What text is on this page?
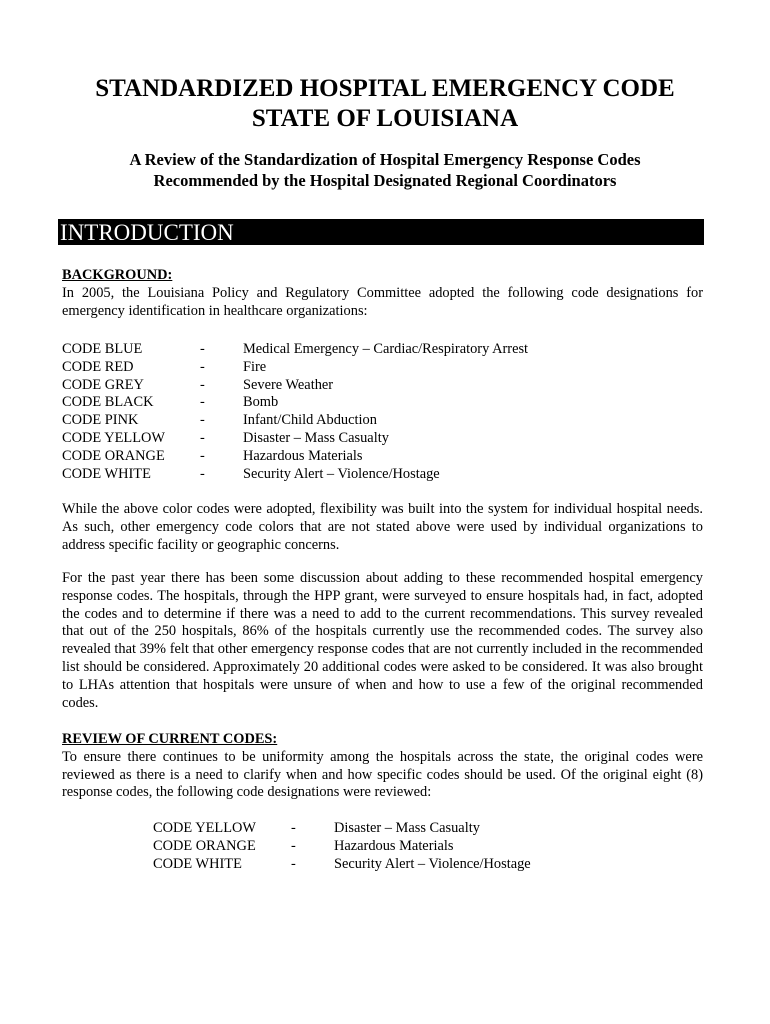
STANDARDIZED HOSPITAL EMERGENCY CODE
STATE OF LOUISIANA
A Review of the Standardization of Hospital Emergency Response Codes
Recommended by the Hospital Designated Regional Coordinators
INTRODUCTION
BACKGROUND:
In 2005, the Louisiana Policy and Regulatory Committee adopted the following code designations for emergency identification in healthcare organizations:
CODE BLUE	-	Medical Emergency – Cardiac/Respiratory Arrest
CODE RED	-	Fire
CODE GREY	-	Severe Weather
CODE BLACK	-	Bomb
CODE PINK	-	Infant/Child Abduction
CODE YELLOW	-	Disaster – Mass Casualty
CODE ORANGE	-	Hazardous Materials
CODE WHITE	-	Security Alert – Violence/Hostage
While the above color codes were adopted, flexibility was built into the system for individual hospital needs. As such, other emergency code colors that are not stated above were used by individual organizations to address specific facility or geographic concerns.
For the past year there has been some discussion about adding to these recommended hospital emergency response codes. The hospitals, through the HPP grant, were surveyed to ensure hospitals had, in fact, adopted the codes and to determine if there was a need to add to the current recommendations. This survey revealed that out of the 250 hospitals, 86% of the hospitals currently use the recommended codes. The survey also revealed that 39% felt that other emergency response codes that are not currently included in the recommended list should be considered. Approximately 20 additional codes were asked to be considered. It was also brought to LHAs attention that hospitals were unsure of when and how to use a few of the original recommended codes.
REVIEW OF CURRENT CODES:
To ensure there continues to be uniformity among the hospitals across the state, the original codes were reviewed as there is a need to clarify when and how specific codes should be used. Of the original eight (8) response codes, the following code designations were reviewed:
CODE YELLOW	-	Disaster – Mass Casualty
CODE ORANGE	-	Hazardous Materials
CODE WHITE	-	Security Alert – Violence/Hostage
